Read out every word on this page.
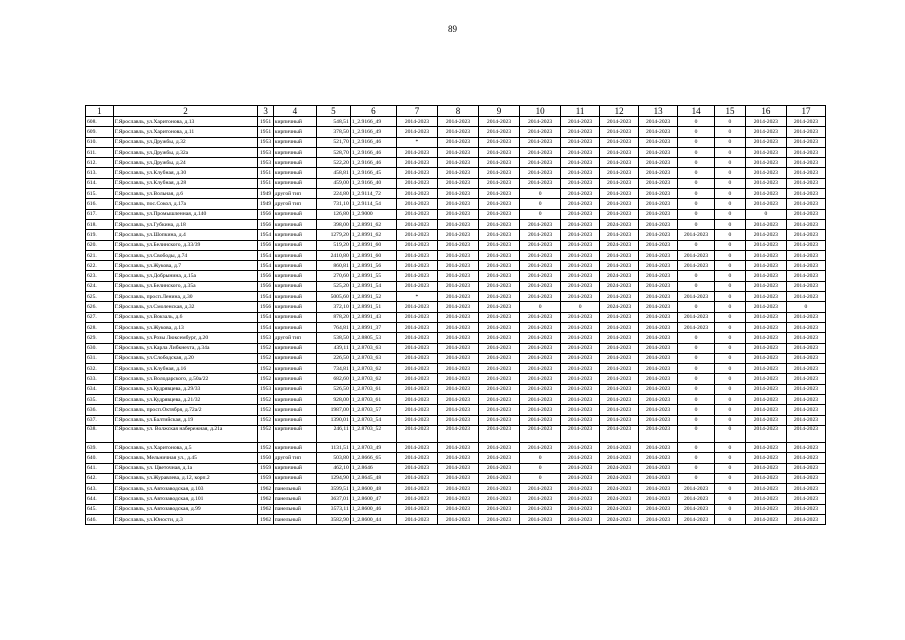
89
1	2	3	4	5	6	7	8	9	10	11	12	13	14	15	16	17
608.	Г.Ярославль, ул.Харитонова, д.13	1951	кирпичный	548,51	1_2.9166_49	2014-2023	2014-2023	2014-2023	2014-2023	2014-2023	2014-2023	2014-2023	0	0	2014-2023	2014-2023
609.	Г.Ярославль, ул.Харитонова, д.11	1951	кирпичный	378,50	1_2.9166_49	2014-2023	2014-2023	2014-2023	2014-2023	2014-2023	2014-2023	2014-2023	0	0	2014-2023	2014-2023
610.	Г.Ярославль, ул.Дружбы, д.32	1953	кирпичный	521,70	1_2.9166_46	*	2014-2023	2014-2023	2014-2023	2014-2023	2014-2023	2014-2023	0	0	2014-2023	2014-2023
611.	Г.Ярославль, ул.Дружбы, д.32а	1953	кирпичный	528,70	1_2.9166_46	2014-2023	2014-2023	2014-2023	2014-2023	2014-2023	2014-2023	2014-2023	0	0	2014-2023	2014-2023
612.	Г.Ярославль, ул.Дружбы, д.24	1953	кирпичный	522,20	1_2.9166_46	2014-2023	2014-2023	2014-2023	2014-2023	2014-2023	2014-2023	2014-2023	0	0	2014-2023	2014-2023
613.	Г.Ярославль, ул.Клубная, д.30	1951	кирпичный	458,81	1_2.9166_45	2014-2023	2014-2023	2014-2023	2014-2023	2014-2023	2014-2023	2014-2023	0	0	2014-2023	2014-2023
614.	Г.Ярославль, ул.Клубная, д.28	1951	кирпичный	459,00	1_2.9166_40	2014-2023	2014-2023	2014-2023	2014-2023	2014-2023	2014-2023	2014-2023	0	0	2014-2023	2014-2023
615.	Г.Ярославль, ул.Вольная, д.6	1949	другой тип	224,80	1_2.9114_72	2014-2023	2014-2023	2014-2023	0	2014-2023	2014-2023	2014-2023	0	0	2014-2023	2014-2023
616.	Г.Ярославль, пос.Сокол, д.17а	1949	другой тип	731,10	1_2.9114_54	2014-2023	2014-2023	2014-2023	0	2014-2023	2014-2023	2014-2023	0	0	2014-2023	2014-2023
617.	Г.Ярославль, ул.Промышленная, д.140	1956	кирпичный	126,80	1_2.9000	2014-2023	2014-2023	2014-2023	0	2014-2023	2014-2023	2014-2023	0	0	0	2014-2023
618.	Г.Ярославль, ул.Губкина, д.18	1956	кирпичный	398,00	1_2.8991_62	2014-2023	2014-2023	2014-2023	2014-2023	2014-2023	2024-2023	2014-2023	0	0	2014-2023	2014-2023
619.	Г.Ярославль, ул.Шопкина, д.4	1954	кирпичный	1279,20	1_2.8991_62	2014-2023	2014-2023	2014-2023	2014-2023	2014-2023	2014-2023	2014-2023	2014-2023	0	2014-2023	2014-2023
620.	Г.Ярославль, ул.Белинского, д.33/39	1956	кирпичный	519,20	1_2.8991_60	2014-2023	2014-2023	2014-2023	2014-2023	2014-2023	2024-2023	2014-2023	0	0	2014-2023	2014-2023
621.	Г.Ярославль, ул.Свободы, д.74	1954	кирпичный	2410,80	1_2.8991_60	2014-2023	2014-2023	2014-2023	2014-2023	2014-2023	2014-2023	2014-2023	2014-2023	0	2014-2023	2014-2023
622.	Г.Ярославль, ул.Жукова, д.7	1954	кирпичный	860,81	1_2.8991_56	2014-2023	2014-2023	2014-2023	2014-2023	2014-2023	2014-2023	2014-2023	2014-2023	0	2014-2023	2014-2023
623.	Г.Ярославль, ул.Добрынина, д.15а	1956	кирпичный	270,60	1_2.8991_55	2014-2023	2014-2023	2014-2023	2014-2023	2014-2023	2024-2023	2014-2023	0	0	2014-2023	2014-2023
624.	Г.Ярославль, ул.Белинского, д.35а	1956	кирпичный	525,20	1_2.8991_54	2014-2023	2014-2023	2014-2023	2014-2023	2014-2023	2024-2023	2014-2023	0	0	2014-2023	2014-2023
625.	Г.Ярославль, просп.Ленина, д.30	1954	кирпичный	5005,60	1_2.8991_52	*	2014-2023	2014-2023	2014-2023	2014-2023	2014-2023	2014-2023	2014-2023	0	2014-2023	2014-2023
626.	Г.Ярославль, ул.Смоленская, д.32	1956	кирпичный	372,10	1_2.8991_51	2014-2023	2014-2023	2014-2023	0	0	2024-2023	2014-2023	0	0	2014-2023	0
627.	Г.Ярославль, ул.Вокзаль, д.6	1954	кирпичный	878,20	1_2.8991_43	2014-2023	2014-2023	2014-2023	2014-2023	2014-2023	2014-2023	2014-2023	2014-2023	0	2014-2023	2014-2023
628.	Г.Ярославль, ул.Жукова, д.13	1954	кирпичный	764,81	1_2.8991_37	2014-2023	2014-2023	2014-2023	2014-2023	2014-2023	2014-2023	2014-2023	2014-2023	0	2014-2023	2014-2023
629.	Г.Ярославль, ул.Розы Люксембург, д.20	1953	другой тип	538,50	1_2.8805_53	2014-2023	2014-2023	2014-2023	2014-2023	2014-2023	2014-2023	2014-2023	0	0	2014-2023	2014-2023
630.	Г.Ярославль, ул.Карла Либкнехта, д.34а	1952	кирпичный	439,11	1_2.8703_63	2014-2023	2014-2023	2014-2023	2014-2023	2014-2023	2014-2023	2014-2023	0	0	2014-2023	2014-2023
631.	Г.Ярославль, ул.Слободская, д.20	1952	кирпичный	226,50	1_2.8703_63	2014-2023	2014-2023	2014-2023	2014-2023	2014-2023	2014-2023	2014-2023	0	0	2014-2023	2014-2023
632.	Г.Ярославль, ул.Клубная, д.16	1952	кирпичный	734,81	1_2.8703_62	2014-2023	2014-2023	2014-2023	2014-2023	2014-2023	2014-2023	2014-2023	0	0	2014-2023	2014-2023
633.	Г.Ярославль, ул.Володарского, д.50а/22	1952	кирпичный	682,60	1_2.8703_62	2014-2023	2014-2023	2014-2023	2014-2023	2014-2023	2014-2023	2014-2023	0	0	2014-2023	2014-2023
634.	Г.Ярославль, ул.Кудрявцева, д.29/33	1953	кирпичный	526,50	1_2.8703_61	2014-2023	2014-2023	2014-2023	2014-2023	2014-2023	2014-2023	2014-2023	0	0	2014-2023	2014-2023
635.	Г.Ярославль, ул.Кудрявцева, д.21/32	1952	кирпичный	928,00	1_2.8703_61	2014-2023	2014-2023	2014-2023	2014-2023	2014-2023	2014-2023	2014-2023	0	0	2014-2023	2014-2023
636.	Г.Ярославль, просп.Октября, д.72а/2	1952	кирпичный	1987,00	1_2.8703_57	2014-2023	2014-2023	2014-2023	2014-2023	2014-2023	2014-2023	2014-2023	0	0	2014-2023	2014-2023
637.	Г.Ярославль, ул.Балтийская, д.19	1952	кирпичный	1390,01	1_2.8703_54	2014-2023	2014-2023	2014-2023	2014-2023	2014-2023	2014-2023	2014-2023	0	0	2014-2023	2014-2023
638.	Г.Ярославль, ул. Волжская набережная, д.21а	1952	кирпичный	246,11	1_2.8703_52	2014-2023	2014-2023	2014-2023	2014-2023	2014-2023	2014-2023	2014-2023	0	0	2014-2023	2014-2023
639.	Г.Ярославль, ул.Харитонова, д.5	1952	кирпичный	1131,51	1_2.8703_49	2014-2023	2014-2023	2014-2023	2014-2023	2014-2023	2014-2023	2014-2023	0	0	2014-2023	2014-2023
640.	Г.Ярославль, Мельничная ул., д.45	1950	другой тип	503,80	1_2.8666_65	2014-2023	2014-2023	2014-2023	0	2014-2023	2014-2023	2014-2023	0	0	2014-2023	2014-2023
641.	Г.Ярославль, ул. Цветочная, д.1а	1959	кирпичный	462,10	1_2.8646	2014-2023	2014-2023	2014-2023	0	2014-2023	2024-2023	2014-2023	0	0	2014-2023	2014-2023
642.	Г.Ярославль, ул.Журавлева, д.12, корп.2	1959	кирпичный	1294,90	1_2.8645_48	2014-2023	2014-2023	2014-2023	0	2014-2023	2024-2023	2014-2023	0	0	2014-2023	2014-2023
643.	Г.Ярославль, ул.Автозаводская, д.103	1962	панельный	3599,51	1_2.8600_48	2014-2023	2014-2023	2014-2023	2014-2023	2014-2023	2024-2023	2014-2023	2014-2023	0	2014-2023	2014-2023
644.	Г.Ярославль, ул.Автозаводская, д.101	1962	панельный	3637,01	1_2.8600_47	2014-2023	2014-2023	2014-2023	2014-2023	2014-2023	2024-2023	2014-2023	2014-2023	0	2014-2023	2014-2023
645.	Г.Ярославль, ул.Автозаводская, д.99	1962	панельный	3573,11	1_2.8600_46	2014-2023	2014-2023	2014-2023	2014-2023	2014-2023	2024-2023	2014-2023	2014-2023	0	2014-2023	2014-2023
646.	Г.Ярославль, ул.Юности, д.3	1962	панельный	3582,90	1_2.8600_44	2014-2023	2014-2023	2014-2023	2014-2023	2014-2023	2024-2023	2014-2023	2014-2023	0	2014-2023	2014-2023
